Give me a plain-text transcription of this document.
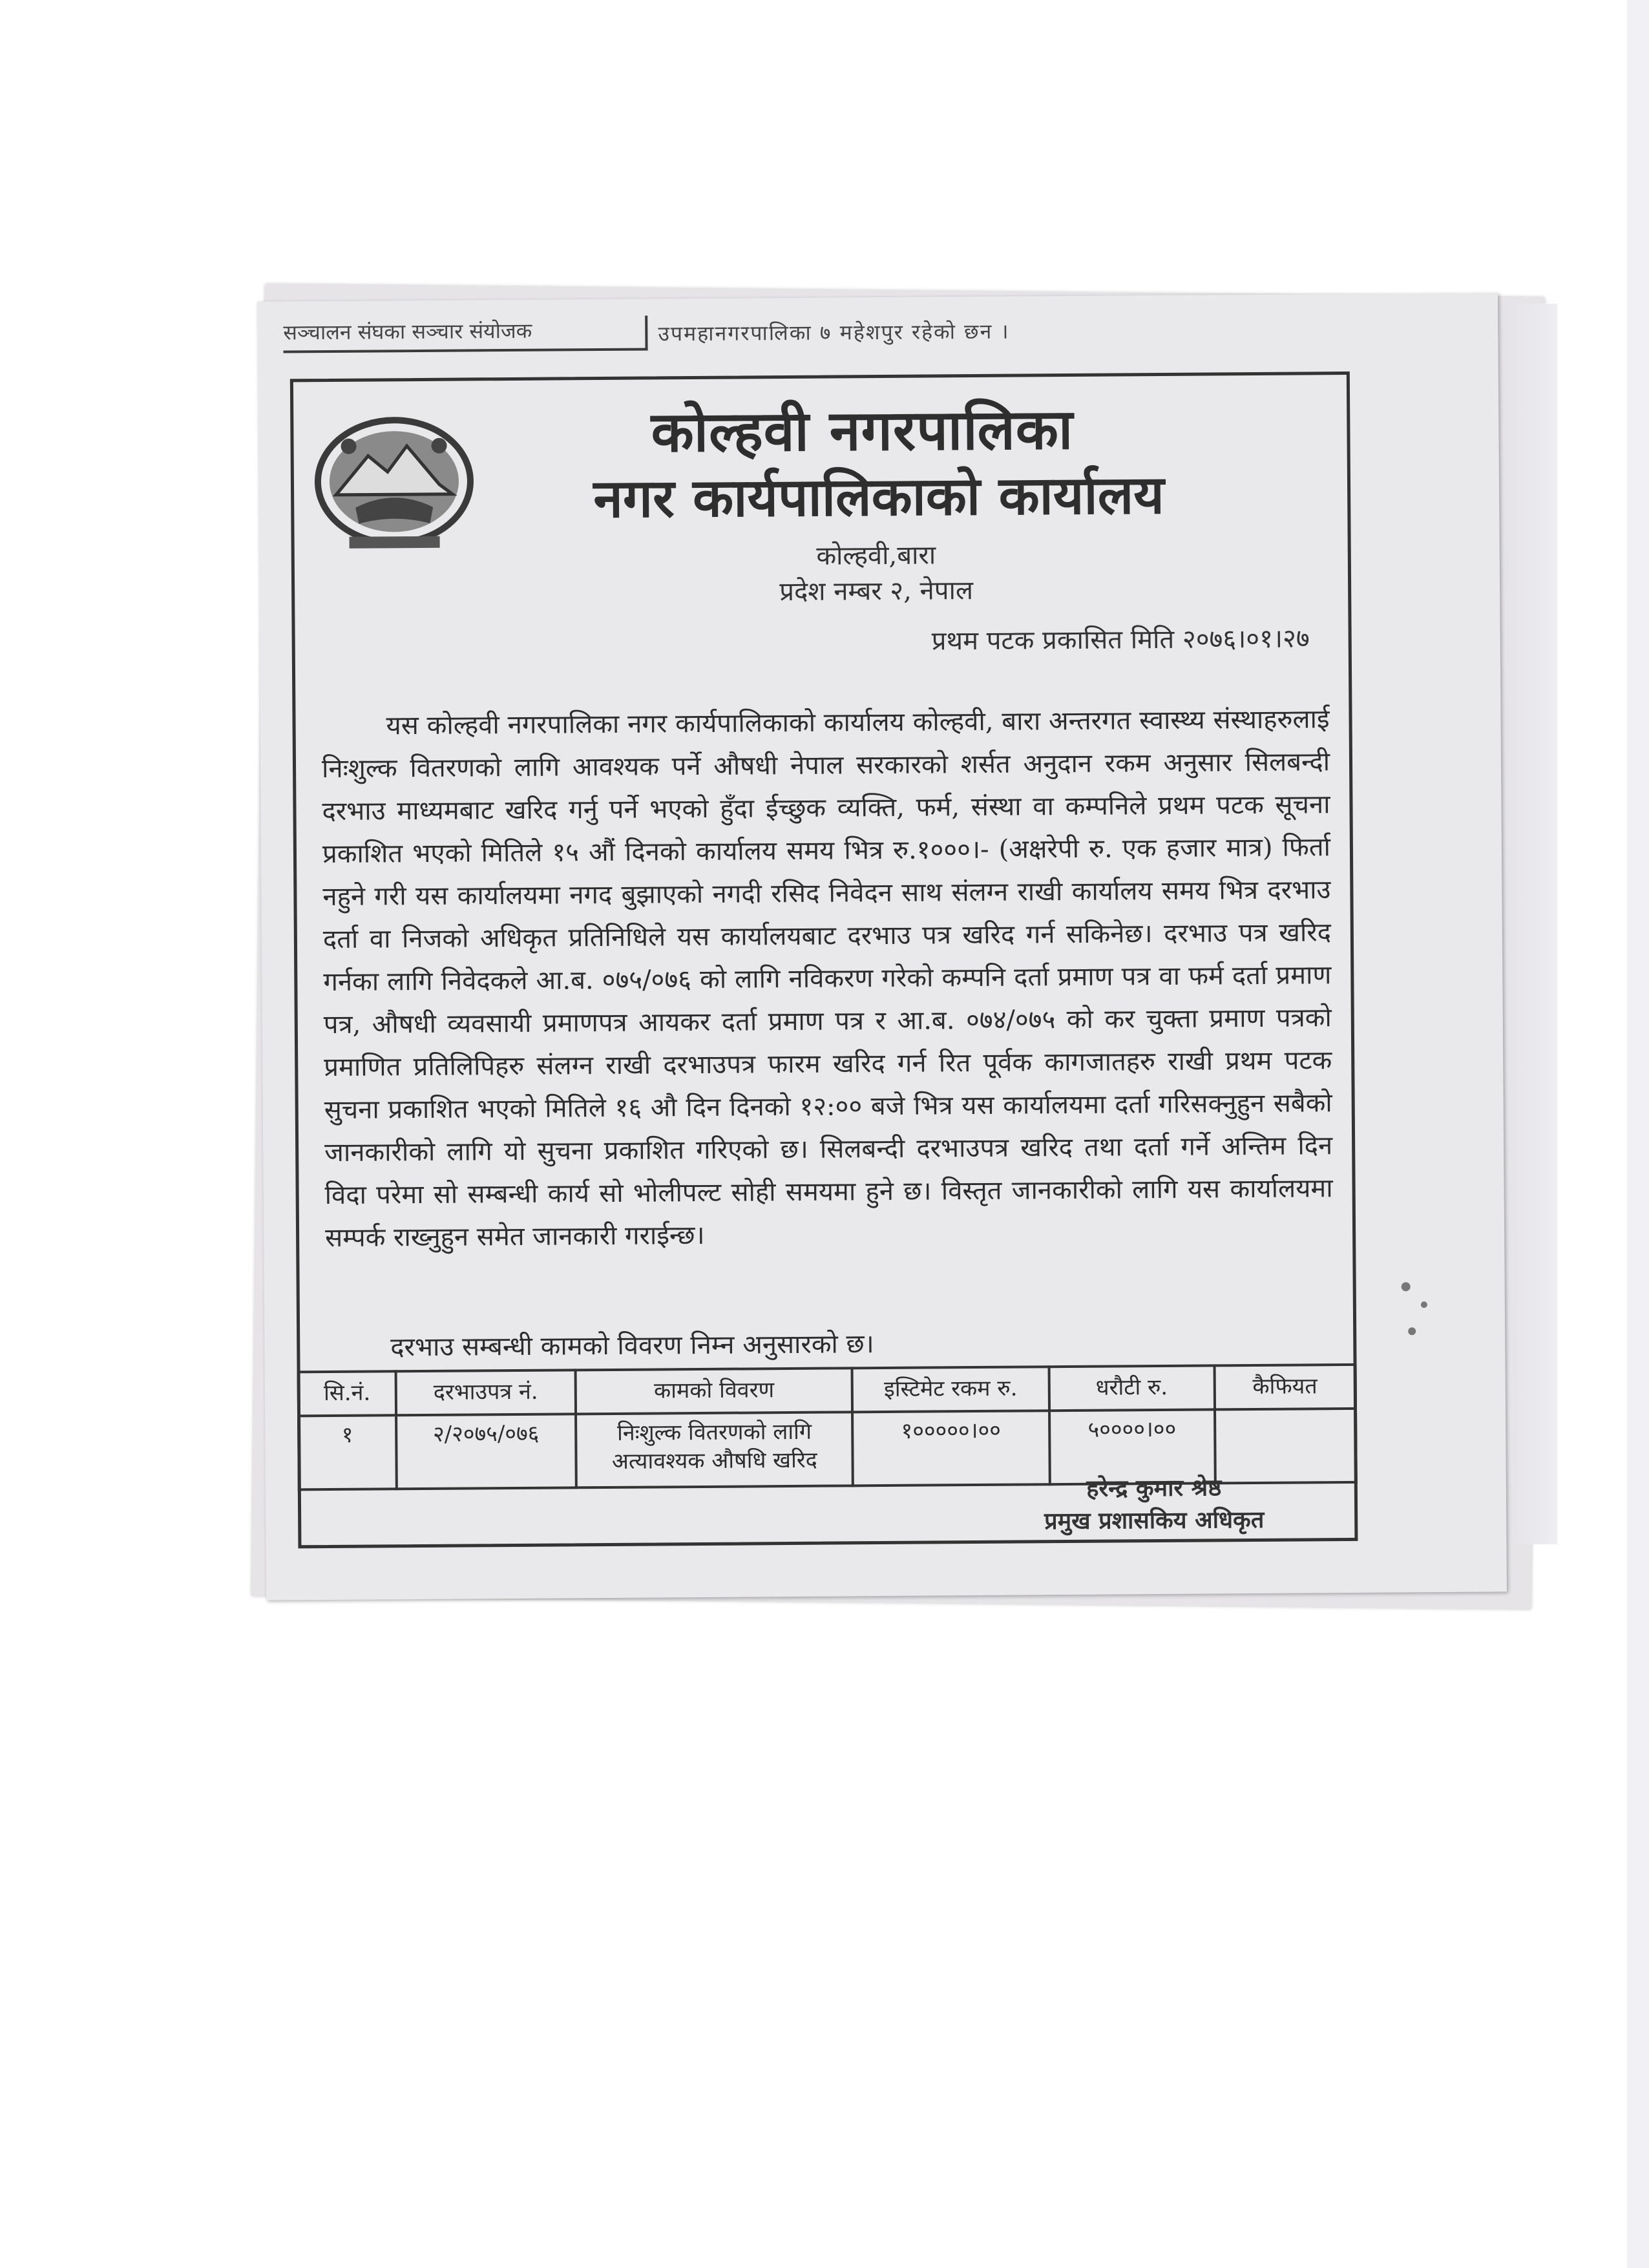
सञ्चालन संघका सञ्चार संयोजक	उपमहानगरपालिका ७ महेशपुर रहेको छन ।
कोल्हवी नगरपालिका
नगर कार्यपालिकाको कार्यालय
कोल्हवी,बारा
प्रदेश नम्बर २, नेपाल
प्रथम पटक प्रकासित मिति २०७६।०१।२७
यस कोल्हवी नगरपालिका नगर कार्यपालिकाको कार्यालय कोल्हवी, बारा अन्तरगत स्वास्थ्य संस्थाहरुलाई निःशुल्क वितरणको लागि आवश्यक पर्ने औषधी नेपाल सरकारको शर्सत अनुदान रकम अनुसार सिलबन्दी दरभाउ माध्यमबाट खरिद गर्नु पर्ने भएको हुँदा ईच्छुक व्यक्ति, फर्म, संस्था वा कम्पनिले प्रथम पटक सूचना प्रकाशित भएको मितिले १५ औं दिनको कार्यालय समय भित्र रु.१०००।- (अक्षरेपी रु. एक हजार मात्र) फिर्ता नहुने गरी यस कार्यालयमा नगद बुझाएको नगदी रसिद निवेदन साथ संलग्न राखी कार्यालय समय भित्र दरभाउ दर्ता वा निजको अधिकृत प्रतिनिधिले यस कार्यालयबाट दरभाउ पत्र खरिद गर्न सकिनेछ। दरभाउ पत्र खरिद गर्नका लागि निवेदकले आ.ब. ०७५/०७६ को लागि नविकरण गरेको कम्पनि दर्ता प्रमाण पत्र वा फर्म दर्ता प्रमाण पत्र, औषधी व्यवसायी प्रमाणपत्र आयकर दर्ता प्रमाण पत्र र आ.ब. ०७४/०७५ को कर चुक्ता प्रमाण पत्रको प्रमाणित प्रतिलिपिहरु संलग्न राखी दरभाउपत्र फारम खरिद गर्न रित पूर्वक कागजातहरु राखी प्रथम पटक सुचना प्रकाशित भएको मितिले १६ औ दिन दिनको १२:०० बजे भित्र यस कार्यालयमा दर्ता गरिसक्नुहुन सबैको जानकारीको लागि यो सुचना प्रकाशित गरिएको छ। सिलबन्दी दरभाउपत्र खरिद तथा दर्ता गर्ने अन्तिम दिन विदा परेमा सो सम्बन्धी कार्य सो भोलीपल्ट सोही समयमा हुने छ। विस्तृत जानकारीको लागि यस कार्यालयमा सम्पर्क राख्नुहुन समेत जानकारी गराईन्छ।
दरभाउ सम्बन्धी कामको विवरण निम्न अनुसारको छ।
सि.नं.	दरभाउपत्र नं.	कामको विवरण	इस्टिमेट रकम रु.	धरौटी रु.	कैफियत
१	२/२०७५/०७६	निःशुल्क वितरणको लागि
अत्यावश्यक औषधि खरिद	१०००००।००	५००००।००	
हरेन्द्र कुमार श्रेष्ठ
प्रमुख प्रशासकिय अधिकृत
